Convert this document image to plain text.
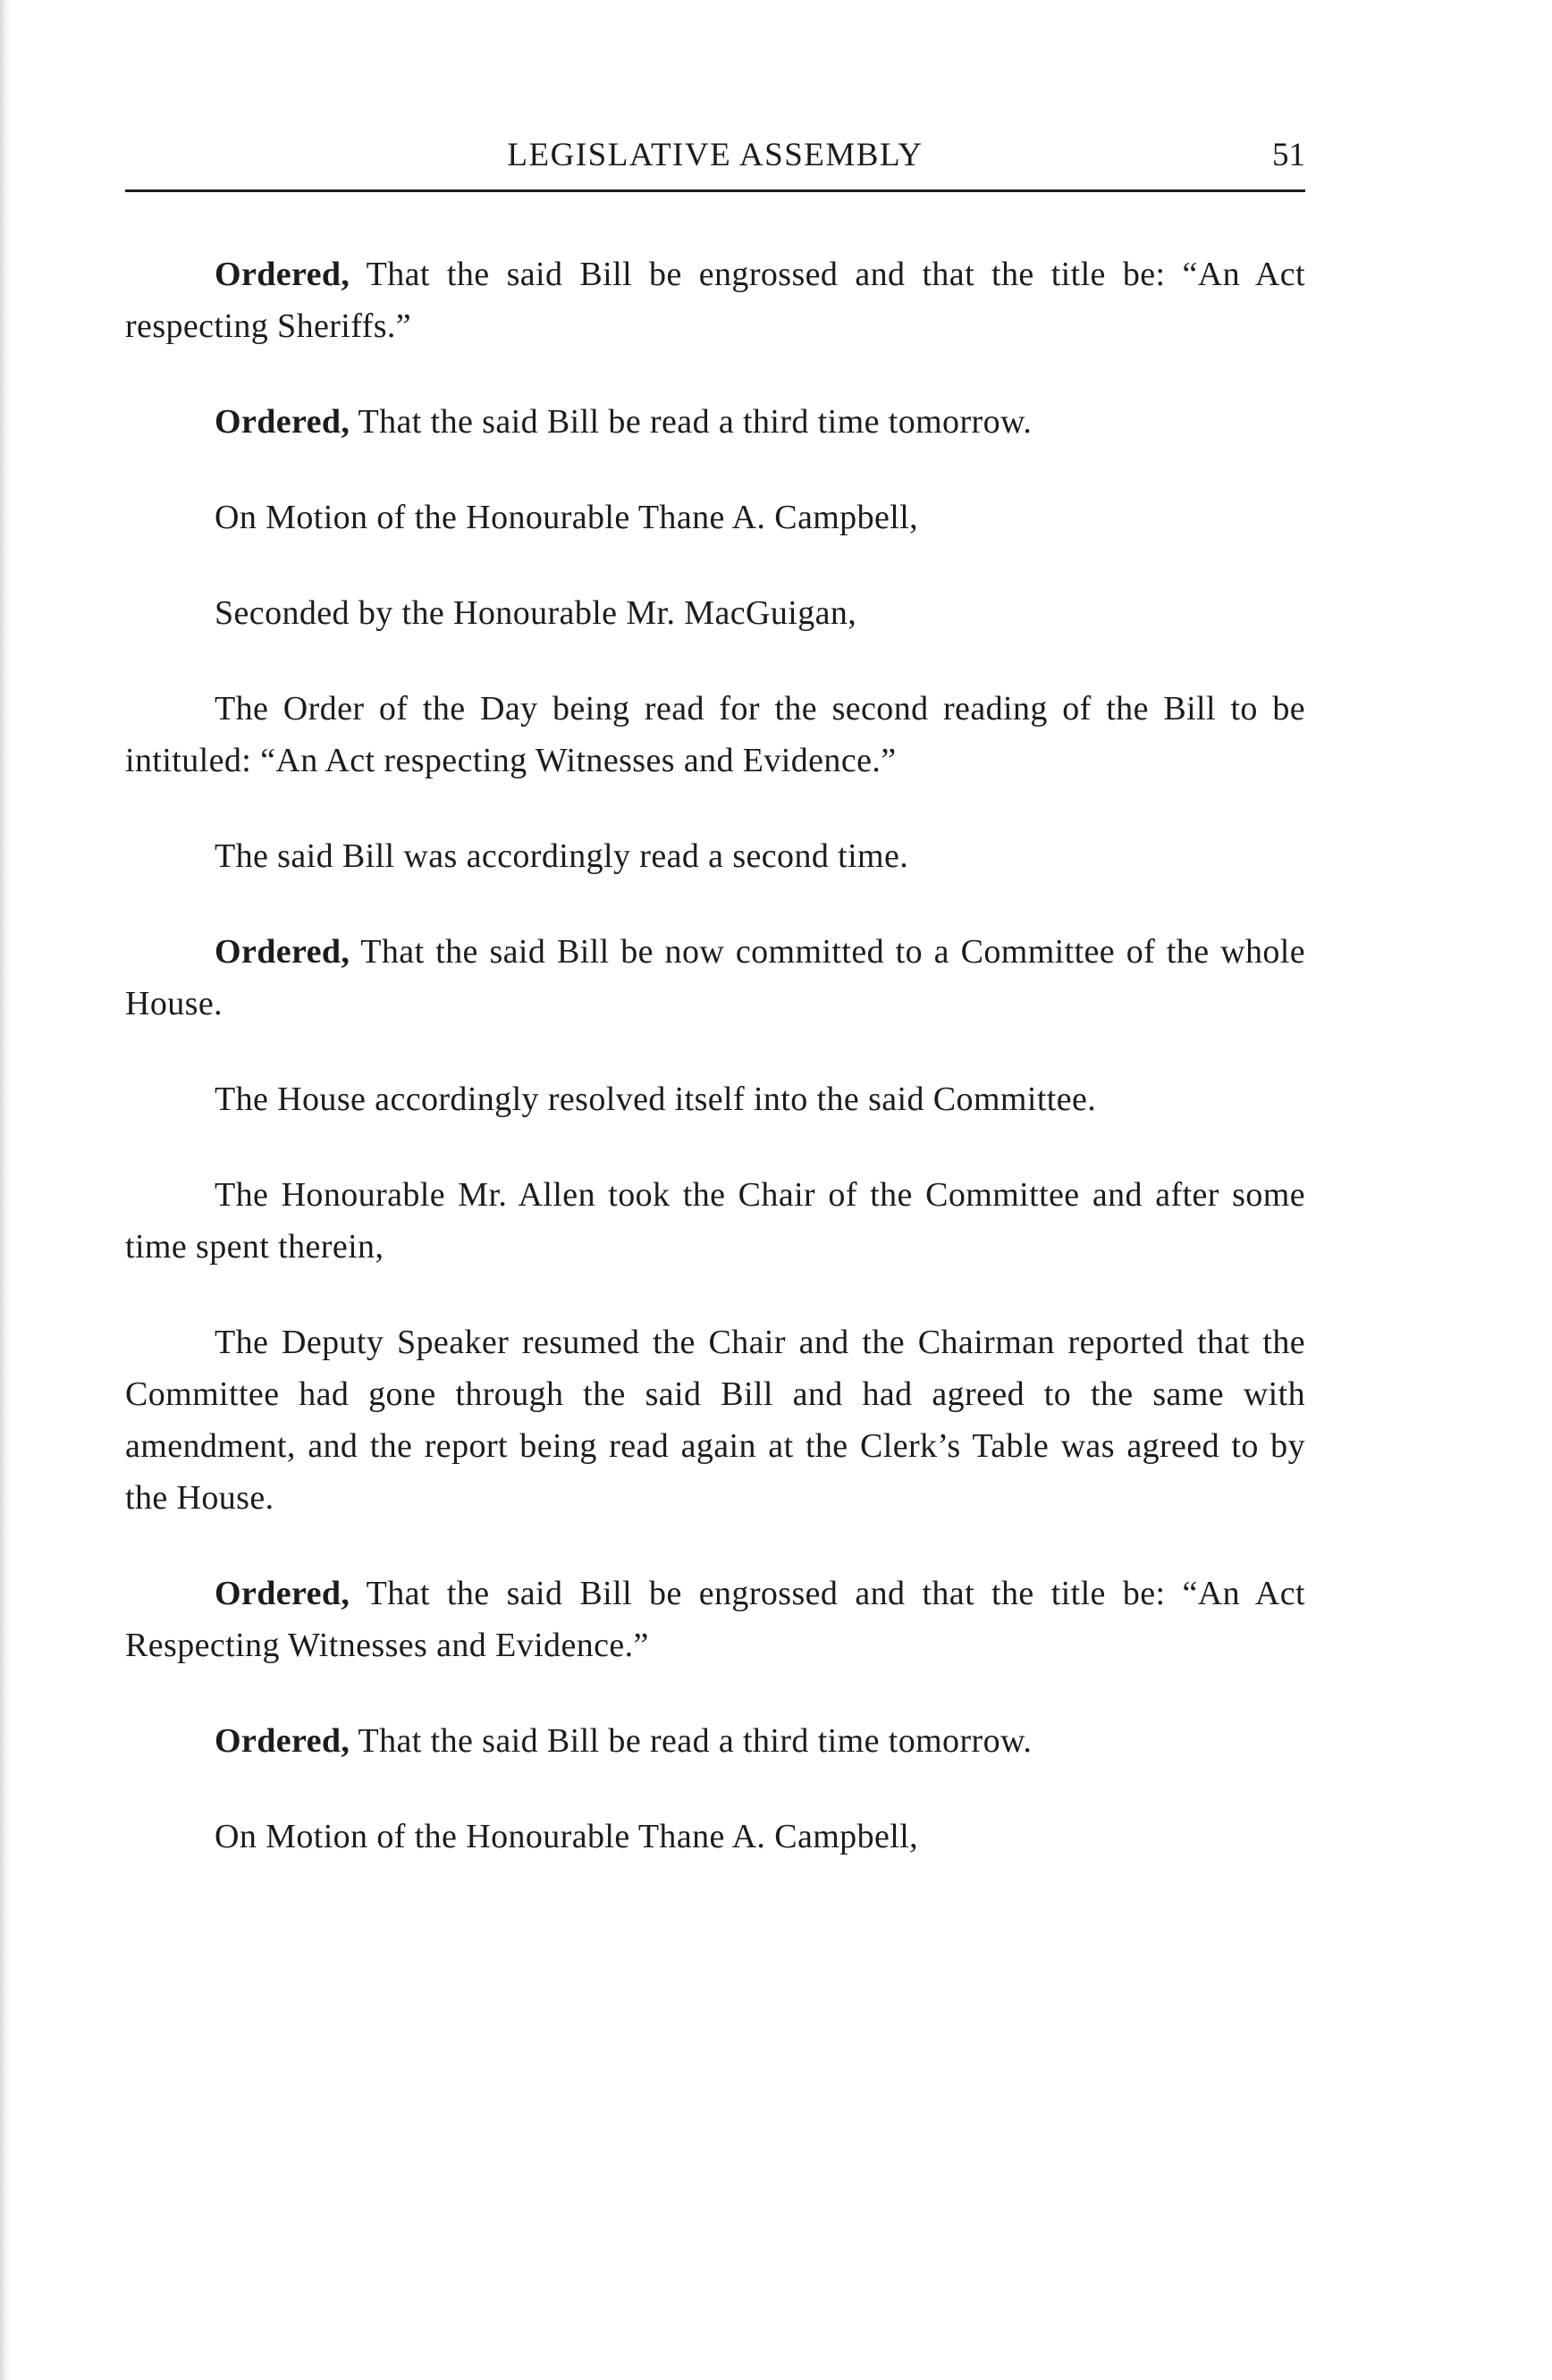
LEGISLATIVE ASSEMBLY	51

Ordered, That the said Bill be engrossed and that the title be: “An Act respecting Sheriffs.”

Ordered, That the said Bill be read a third time tomorrow.

On Motion of the Honourable Thane A. Campbell,

Seconded by the Honourable Mr. MacGuigan,

The Order of the Day being read for the second reading of the Bill to be intituled: “An Act respecting Witnesses and Evidence.”

The said Bill was accordingly read a second time.

Ordered, That the said Bill be now committed to a Committee of the whole House.

The House accordingly resolved itself into the said Committee.

The Honourable Mr. Allen took the Chair of the Committee and after some time spent therein,

The Deputy Speaker resumed the Chair and the Chairman reported that the Committee had gone through the said Bill and had agreed to the same with amendment, and the report being read again at the Clerk’s Table was agreed to by the House.

Ordered, That the said Bill be engrossed and that the title be: “An Act Respecting Witnesses and Evidence.”

Ordered, That the said Bill be read a third time tomorrow.

On Motion of the Honourable Thane A. Campbell,
